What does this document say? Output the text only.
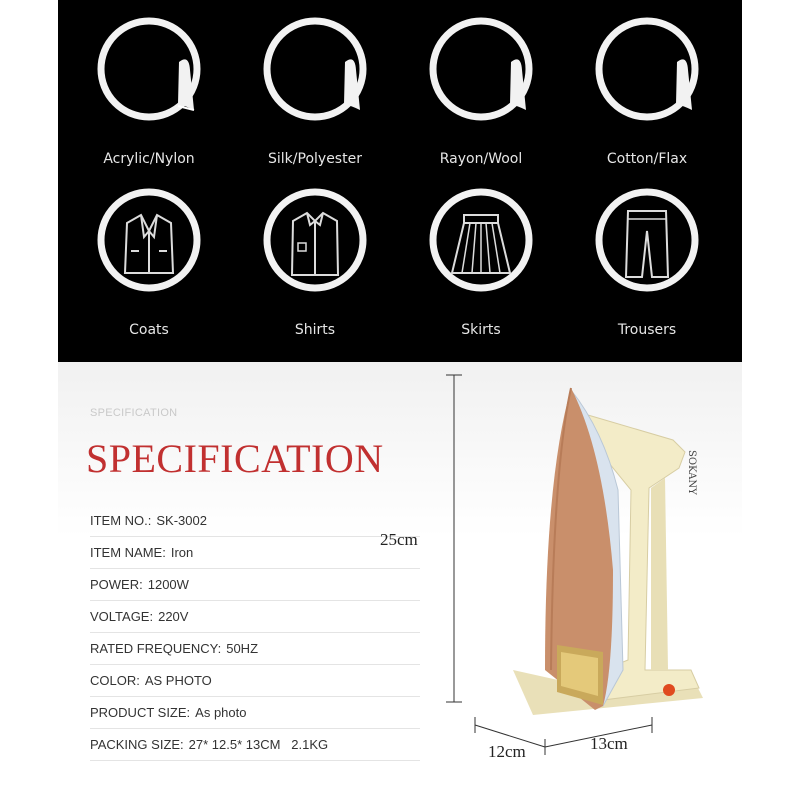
Acrylic/Nylon	Silk/Polyester	Rayon/Wool	Cotton/Flax
Coats	Shirts	Skirts	Trousers
SPECIFICATION
SPECIFICATION
ITEM NO.: SK-3002
ITEM NAME: Iron
POWER: 1200W
VOLTAGE: 220V
RATED FREQUENCY: 50HZ
COLOR: AS PHOTO
PRODUCT SIZE: As photo
PACKING SIZE: 27* 12.5* 13CM   2.1KG
25cm
SOKANY
12cm	13cm
